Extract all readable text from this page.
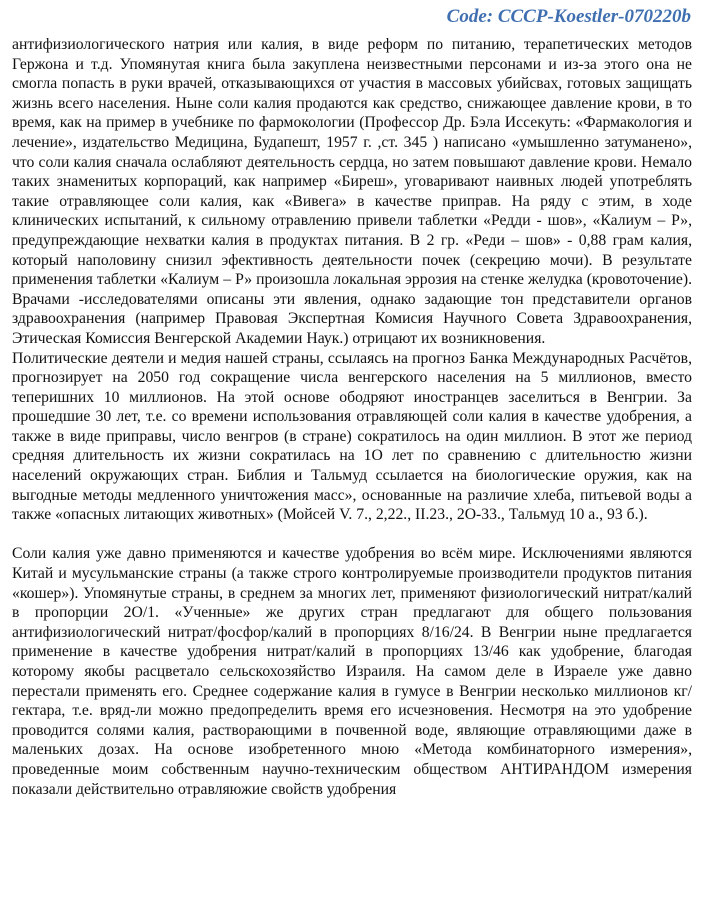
Code: CCCP-Koestler-070220b

антифизиологического натрия или калия, в виде реформ по питанию, терапетических методов Гержона и т.д. Упомянутая книга была закуплена неизвестными персонами и из-за этого она не смогла попасть в руки врачей, отказывающихся от участия в массовых убийсвах, готовых защищать жизнь всего населения. Ныне соли калия продаются как средство, снижающее давление крови, в то время, как на пример в учебнике по фармокологии (Профессор Др. Бэла Иссекуть: «Фармакология и лечение», издательство Медицина, Будапешт, 1957 г. ,ст. 345 ) написано «умышленно затуманено», что соли калия сначала ослабляют деятельность сердца, но затем повышают давление крови. Немало таких знаменитых корпораций, как например «Биреш», уговаривают наивных людей употреблять такие отравляющее соли калия, как «Вивега» в качестве приправ. На ряду с этим, в ходе клинических испытаний, к сильному отравлению привели таблетки «Редди - шов», «Калиум – Р», предупреждающие нехватки калия в продуктах питания. В 2 гр. «Реди – шов» - 0,88 грам калия, который наполовину снизил эфективность деятельности почек (секрецию мочи). В результате применения таблетки «Калиум – Р» произошла локальная эррозия на стенке желудка (кровоточение). Врачами -исследователями описаны эти явления, однако задающие тон представители органов здравоохранения (например Правовая Экспертная Комисия Научного Совета Здравоохранения, Этическая Комиссия Венгерской Академии Наук.) отрицают их возникновения.

Политические деятели и медия нашей страны, ссылаясь на прогноз Банка Международных Расчётов, прогнозирует на 2050 год сокращение числа венгерского населения на 5 миллионов, вместо теперишних 10 миллионов. На этой основе ободряют иностранцев заселиться в Венгрии. За прошедшие 30 лет, т.е. со времени использования отравляющей соли калия в качестве удобрения, а также в виде приправы, число венгров (в стране) сократилось на один миллион. В этот же период средняя длительность их жизни сократилась на 1О лет по сравнению с длительностю жизни населений окружающих стран. Библия и Тальмуд ссылается на биологические оружия, как на выгодные методы медленного уничтожения масс», основанные на различие хлеба, питьевой воды а также «опасных литающих животных» (Мойсей V. 7., 2,22., II.23., 2О-33., Тальмуд 10 а., 93 б.).

Соли калия уже давно применяются и качестве удобрения во всём мире. Исключениями являются Китай и мусульманские страны (а также строго контролируемые производители продуктов питания «кошер»). Упомянутые страны, в среднем за многих лет, применяют физиологический нитрат/калий в пропорции 2О/1. «Ученные» же других стран предлагают для общего пользования антифизиологический нитрат/фосфор/калий в пропорциях 8/16/24. В Венгрии ныне предлагается применение в качестве удобрения нитрат/калий в пропорциях 13/46 как удобрение, благодая которому якобы расцветало сельскохозяйство Израиля. На самом деле в Израеле уже давно перестали применять его. Среднее содержание калия в гумусе в Венгрии несколько миллионов кг/гектара, т.е. вряд-ли можно предопределить время его исчезновения. Несмотря на это удобрение проводится солями калия, растворающими в почвенной воде, являющие отравляющими даже в маленьких дозах. На основе изобретенного мною «Метода комбинаторного измерения», проведенные моим собственным научно-техническим обществом АНТИРАНДОМ измерения показали действительно отравляюжие свойств удобрения
